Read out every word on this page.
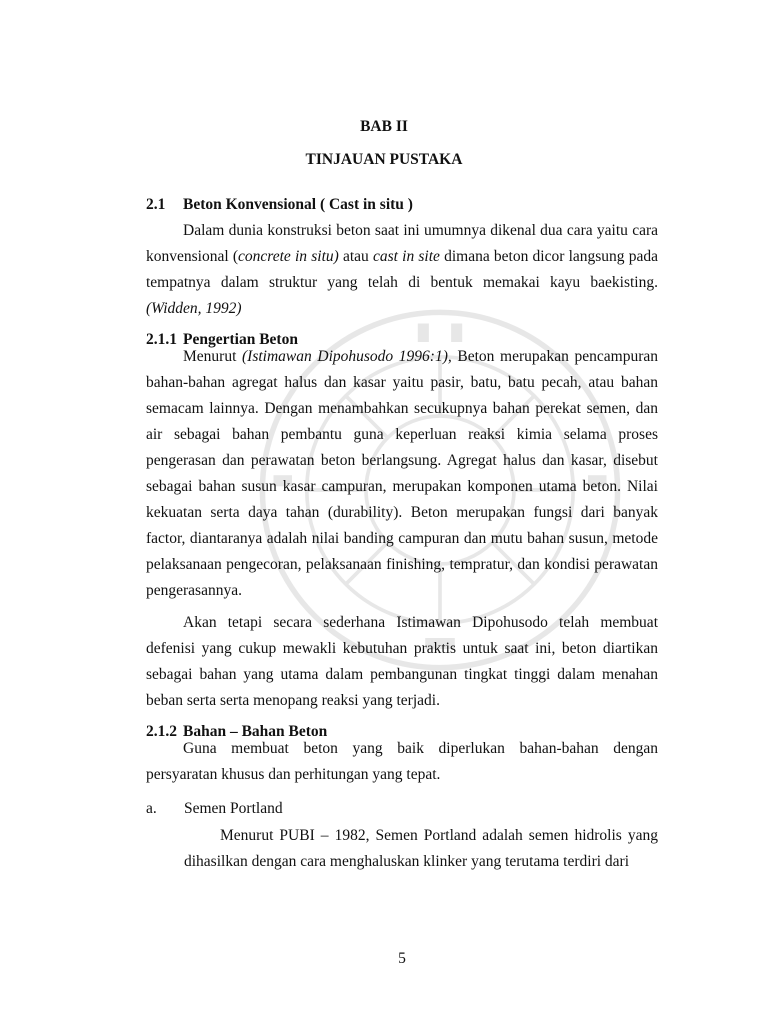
BAB II
TINJAUAN PUSTAKA
2.1 Beton Konvensional ( Cast in situ )
Dalam dunia konstruksi beton saat ini umumnya dikenal dua cara yaitu cara konvensional (concrete in situ) atau cast in site dimana beton dicor langsung pada tempatnya dalam struktur yang telah di bentuk memakai kayu baekisting. (Widden, 1992)
2.1.1 Pengertian Beton
Menurut (Istimawan Dipohusodo 1996:1), Beton merupakan pencampuran bahan-bahan agregat halus dan kasar yaitu pasir, batu, batu pecah, atau bahan semacam lainnya. Dengan menambahkan secukupnya bahan perekat semen, dan air sebagai bahan pembantu guna keperluan reaksi kimia selama proses pengerasan dan perawatan beton berlangsung. Agregat halus dan kasar, disebut sebagai bahan susun kasar campuran, merupakan komponen utama beton. Nilai kekuatan serta daya tahan (durability). Beton merupakan fungsi dari banyak factor, diantaranya adalah nilai banding campuran dan mutu bahan susun, metode pelaksanaan pengecoran, pelaksanaan finishing, tempratur, dan kondisi perawatan pengerasannya.
Akan tetapi secara sederhana Istimawan Dipohusodo telah membuat defenisi yang cukup mewakli kebutuhan praktis untuk saat ini, beton diartikan sebagai bahan yang utama dalam pembangunan tingkat tinggi dalam menahan beban serta serta menopang reaksi yang terjadi.
2.1.2 Bahan – Bahan Beton
Guna membuat beton yang baik diperlukan bahan-bahan dengan persyaratan khusus dan perhitungan yang tepat.
a. Semen Portland
Menurut PUBI – 1982, Semen Portland adalah semen hidrolis yang dihasilkan dengan cara menghaluskan klinker yang terutama terdiri dari
5
